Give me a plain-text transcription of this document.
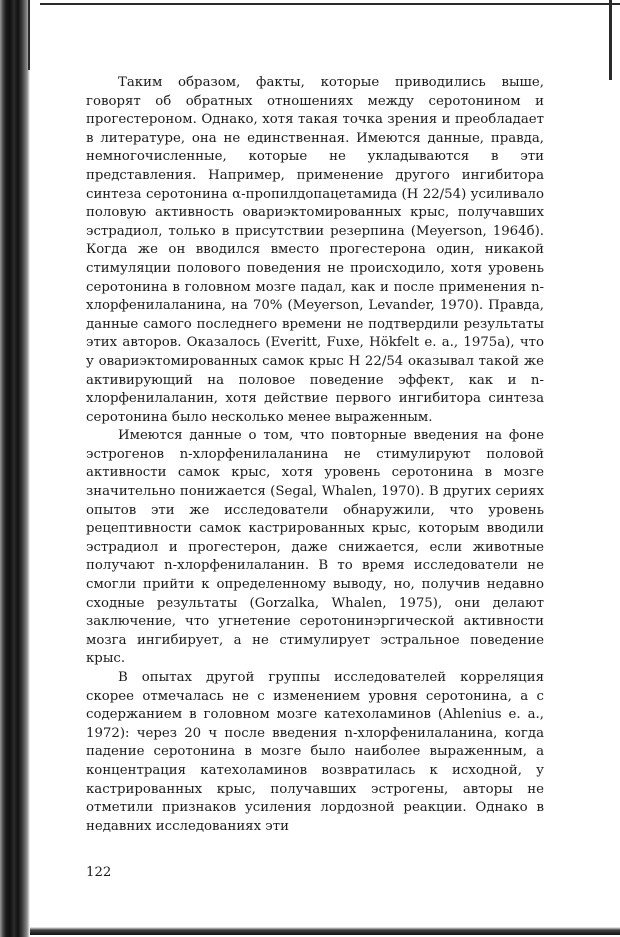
Таким образом, факты, которые приводились выше, говорят об обратных отношениях между серотонином и прогестероном. Однако, хотя такая точка зрения и преобладает в литературе, она не единственная. Имеются данные, правда, немногочисленные, которые не укладываются в эти представления. Например, применение другого ингибитора синтеза серотонина α-пропилдопацетамида (Н 22/54) усиливало половую активность овариэктомированных крыс, получавших эстрадиол, только в присутствии резерпина (Meyerson, 1964б). Когда же он вводился вместо прогестерона один, никакой стимуляции полового поведения не происходило, хотя уровень серотонина в головном мозге падал, как и после применения n-хлорфенилаланина, на 70% (Meyerson, Levander, 1970). Правда, данные самого последнего времени не подтвердили результаты этих авторов. Оказалось (Everitt, Fuxe, Hökfelt e. а., 1975а), что у овариэктомированных самок крыс Н 22/54 оказывал такой же активирующий на половое поведение эффект, как и n-хлорфенилаланин, хотя действие первого ингибитора синтеза серотонина было несколько менее выраженным.

Имеются данные о том, что повторные введения на фоне эстрогенов n-хлорфенилаланина не стимулируют половой активности самок крыс, хотя уровень серотонина в мозге значительно понижается (Segal, Whalen, 1970). В других сериях опытов эти же исследователи обнаружили, что уровень рецептивности самок кастрированных крыс, которым вводили эстрадиол и прогестерон, даже снижается, если животные получают n-хлорфенилаланин. В то время исследователи не смогли прийти к определенному выводу, но, получив недавно сходные результаты (Gorzalka, Whalen, 1975), они делают заключение, что угнетение серотонинэргической активности мозга ингибирует, а не стимулирует эстральное поведение крыс.

В опытах другой группы исследователей корреляция скорее отмечалась не с изменением уровня серотонина, а с содержанием в головном мозге катехоламинов (Ahlenius e. а., 1972): через 20 ч после введения n-хлорфенилаланина, когда падение серотонина в мозге было наиболее выраженным, а концентрация катехоламинов возвратилась к исходной, у кастрированных крыс, получавших эстрогены, авторы не отметили признаков усиления лордозной реакции. Однако в недавних исследованиях эти

122
